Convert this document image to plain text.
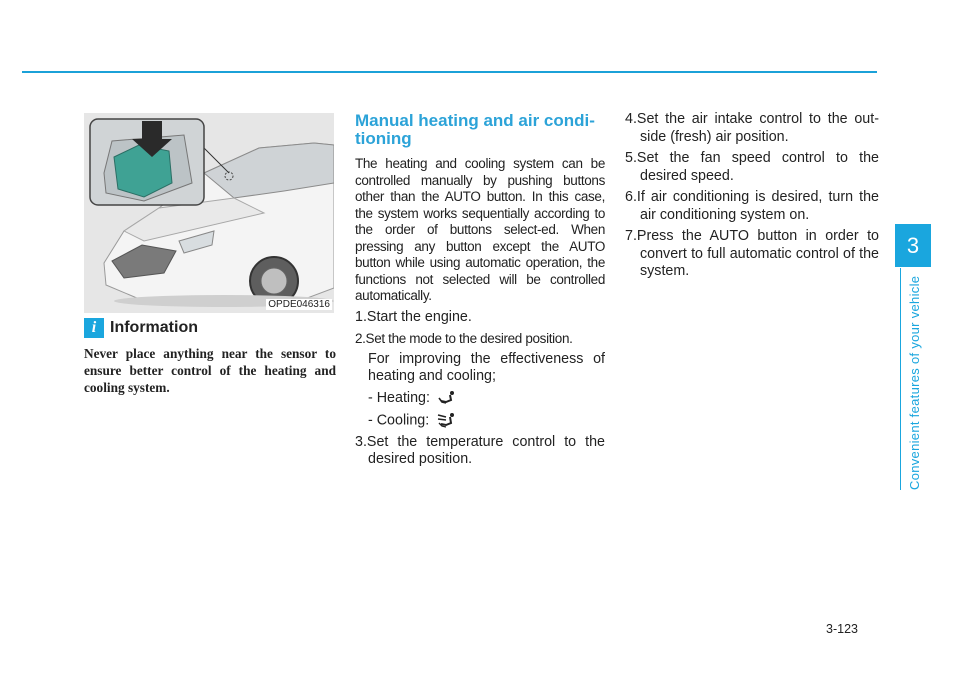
3
Convenient features of your vehicle
OPDE046316
i Information
Never place anything near the sensor to ensure better control of the heating and cooling system.
Manual heating and air condi-tioning

The heating and cooling system can be controlled manually by pushing buttons other than the AUTO button. In this case, the system works sequentially according to the order of buttons select-ed. When pressing any button except the AUTO button while using automatic operation, the functions not selected will be controlled automatically.

1.Start the engine.

2.Set the mode to the desired position.

For improving the effectiveness of heating and cooling;

- Heating:

- Cooling:

3.Set the temperature control to the desired position.

4.Set the air intake control to the out-side (fresh) air position.

5.Set the fan speed control to the desired speed.

6.If air conditioning is desired, turn the air conditioning system on.

7.Press the AUTO button in order to convert to full automatic control of the system.

3-123
